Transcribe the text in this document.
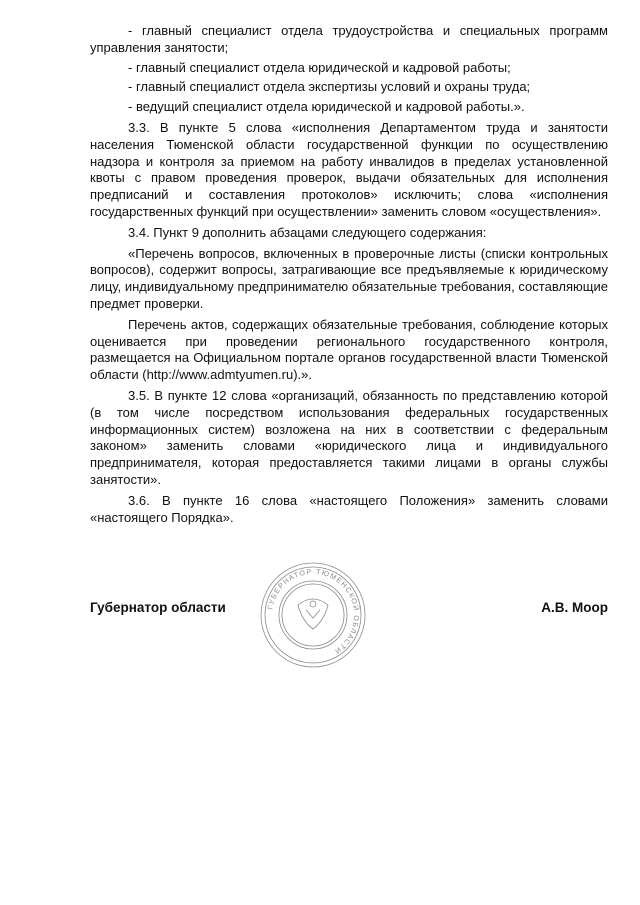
- главный специалист отдела трудоустройства и специальных программ управления занятости;

- главный специалист отдела юридической и кадровой работы;

- главный специалист отдела экспертизы условий и охраны труда;

- ведущий специалист отдела юридической и кадровой работы.».

3.3. В пункте 5 слова «исполнения Департаментом труда и занятости населения Тюменской области государственной функции по осуществлению надзора и контроля за приемом на работу инвалидов в пределах установленной квоты с правом проведения проверок, выдачи обязательных для исполнения предписаний и составления протоколов» исключить; слова «исполнения государственных функций при осуществлении» заменить словом «осуществления».

3.4. Пункт 9 дополнить абзацами следующего содержания:

«Перечень вопросов, включенных в проверочные листы (списки контрольных вопросов), содержит вопросы, затрагивающие все предъявляемые к юридическому лицу, индивидуальному предпринимателю обязательные требования, составляющие предмет проверки.

Перечень актов, содержащих обязательные требования, соблюдение которых оценивается при проведении регионального государственного контроля, размещается на Официальном портале органов государственной власти Тюменской области (http://www.admtyumen.ru).».

3.5. В пункте 12 слова «организаций, обязанность по представлению которой (в том числе посредством использования федеральных государственных информационных систем) возложена на них в соответствии с федеральным законом» заменить словами «юридического лица и индивидуального предпринимателя, которая предоставляется такими лицами в органы службы занятости».

3.6. В пункте 16 слова «настоящего Положения» заменить словами «настоящего Порядка».

ГУБЕРНАТОР ТЮМЕНСКОЙ ОБЛАСТИ
Губернатор области	А.В. Моор
